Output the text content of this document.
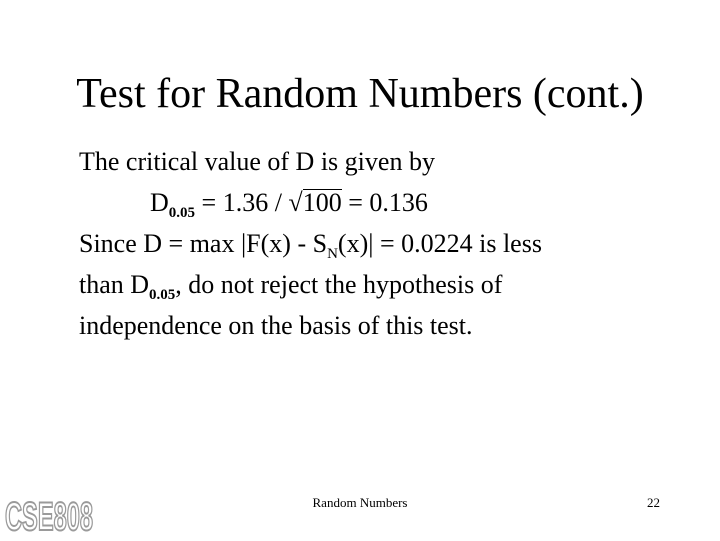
Test for Random Numbers (cont.)
The critical value of D is given by
$D_{0.05} = 1.36 / √100 = 0.136$
Since $D = \max |F(x) - S_N(x)| = 0.0224$ is less
than $D_{0.05}$, do not reject the hypothesis of
independence on the basis of this test.
CSE808	Random Numbers	22
